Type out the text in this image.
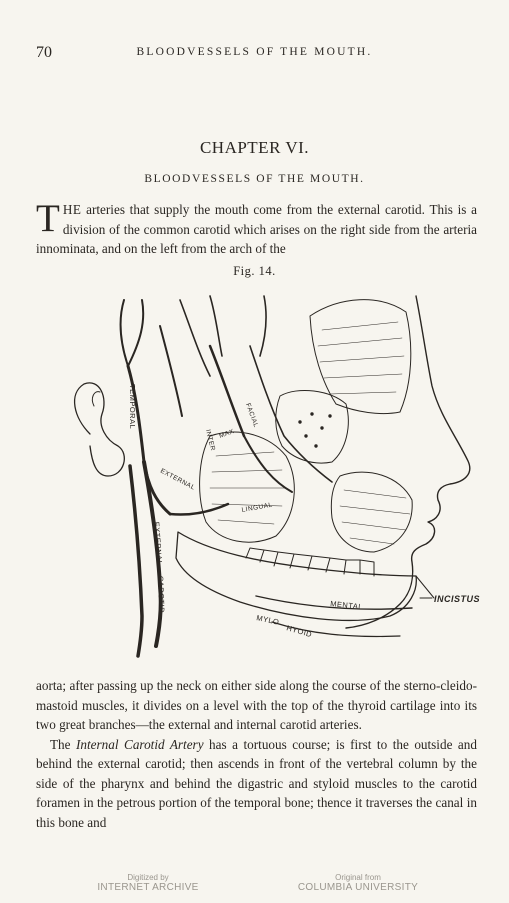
70	BLOODVESSELS OF THE MOUTH.
CHAPTER VI.
BLOODVESSELS OF THE MOUTH.
THE arteries that supply the mouth come from the external carotid. This is a division of the common carotid which arises on the right side from the arteria innominata, and on the left from the arch of the
Fig. 14.
TEMPORAL
EXTERNAL
CAROTID
EXTERNAL
MAX
INTER
FACIAL
LINGUAL
MENTAL
MYLO
HYOID
INCISTUS

aorta; after passing up the neck on either side along the course of the sterno-cleido-mastoid muscles, it divides on a level with the top of the thyroid cartilage into its two great branches—the external and internal carotid arteries.

The Internal Carotid Artery has a tortuous course; is first to the outside and behind the external carotid; then ascends in front of the vertebral column by the side of the pharynx and behind the digastric and styloid muscles to the carotid foramen in the petrous portion of the temporal bone; thence it traverses the canal in this bone and

Digitized by
INTERNET ARCHIVE
Original from
COLUMBIA UNIVERSITY
